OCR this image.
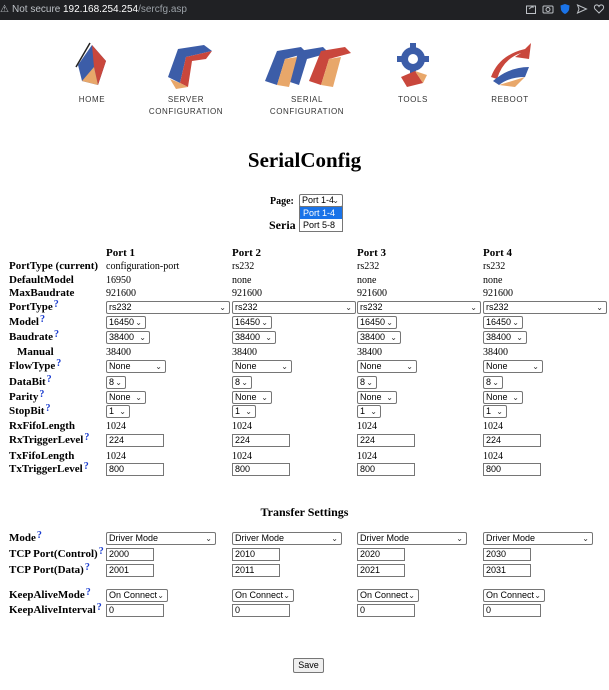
⚠ Not secure 192.168.254.254/sercfg.asp
HOME	SERVER
CONFIGURATION
SERIAL
CONFIGURATION
TOOLS	REBOOT
SerialConfig
Page: Port 1-4
⌄
Port 1-4
Port 5-8
Seria
Port 1	Port 2	Port 3	Port 4
PortType (current) configuration-port	rs232	rs232	rs232
DefaultModel	16950	none	none	none
MaxBaudrate	921600	921600	921600	921600
PortType?	rs232	⌄	rs232	⌄ rs232	⌄	rs232	⌄
Model?	16450 ⌄	16450 ⌄	16450 ⌄	16450 ⌄
Baudrate?	38400 ⌄	38400 ⌄	38400 ⌄	38400 ⌄
Manual	38400	38400	38400	38400
FlowType?	None	⌄	None	⌄	None	⌄	None	⌄
DataBit?	8 ⌄	8 ⌄	8 ⌄	8 ⌄
Parity?	None ⌄	None ⌄	None ⌄	None ⌄
StopBit?	1 ⌄	1 ⌄	1 ⌄	1 ⌄
RxFifoLength	1024	1024	1024	1024
RxTriggerLevel?	224	224	224	224
TxFifoLength	1024	1024	1024	1024
TxTriggerLevel?	800	800	800	800
Transfer Settings
Mode?	Driver Mode	⌄	Driver Mode	⌄	Driver Mode	⌄	Driver Mode	⌄
TCP Port(Control)? 2000	2010	2020	2030
TCP Port(Data)?	2001	2011	2021	2031
KeepAliveMode?	On Connect ⌄	On Connect ⌄	On Connect ⌄	On Connect ⌄
KeepAliveInterval? 0	0	0	0
Save
